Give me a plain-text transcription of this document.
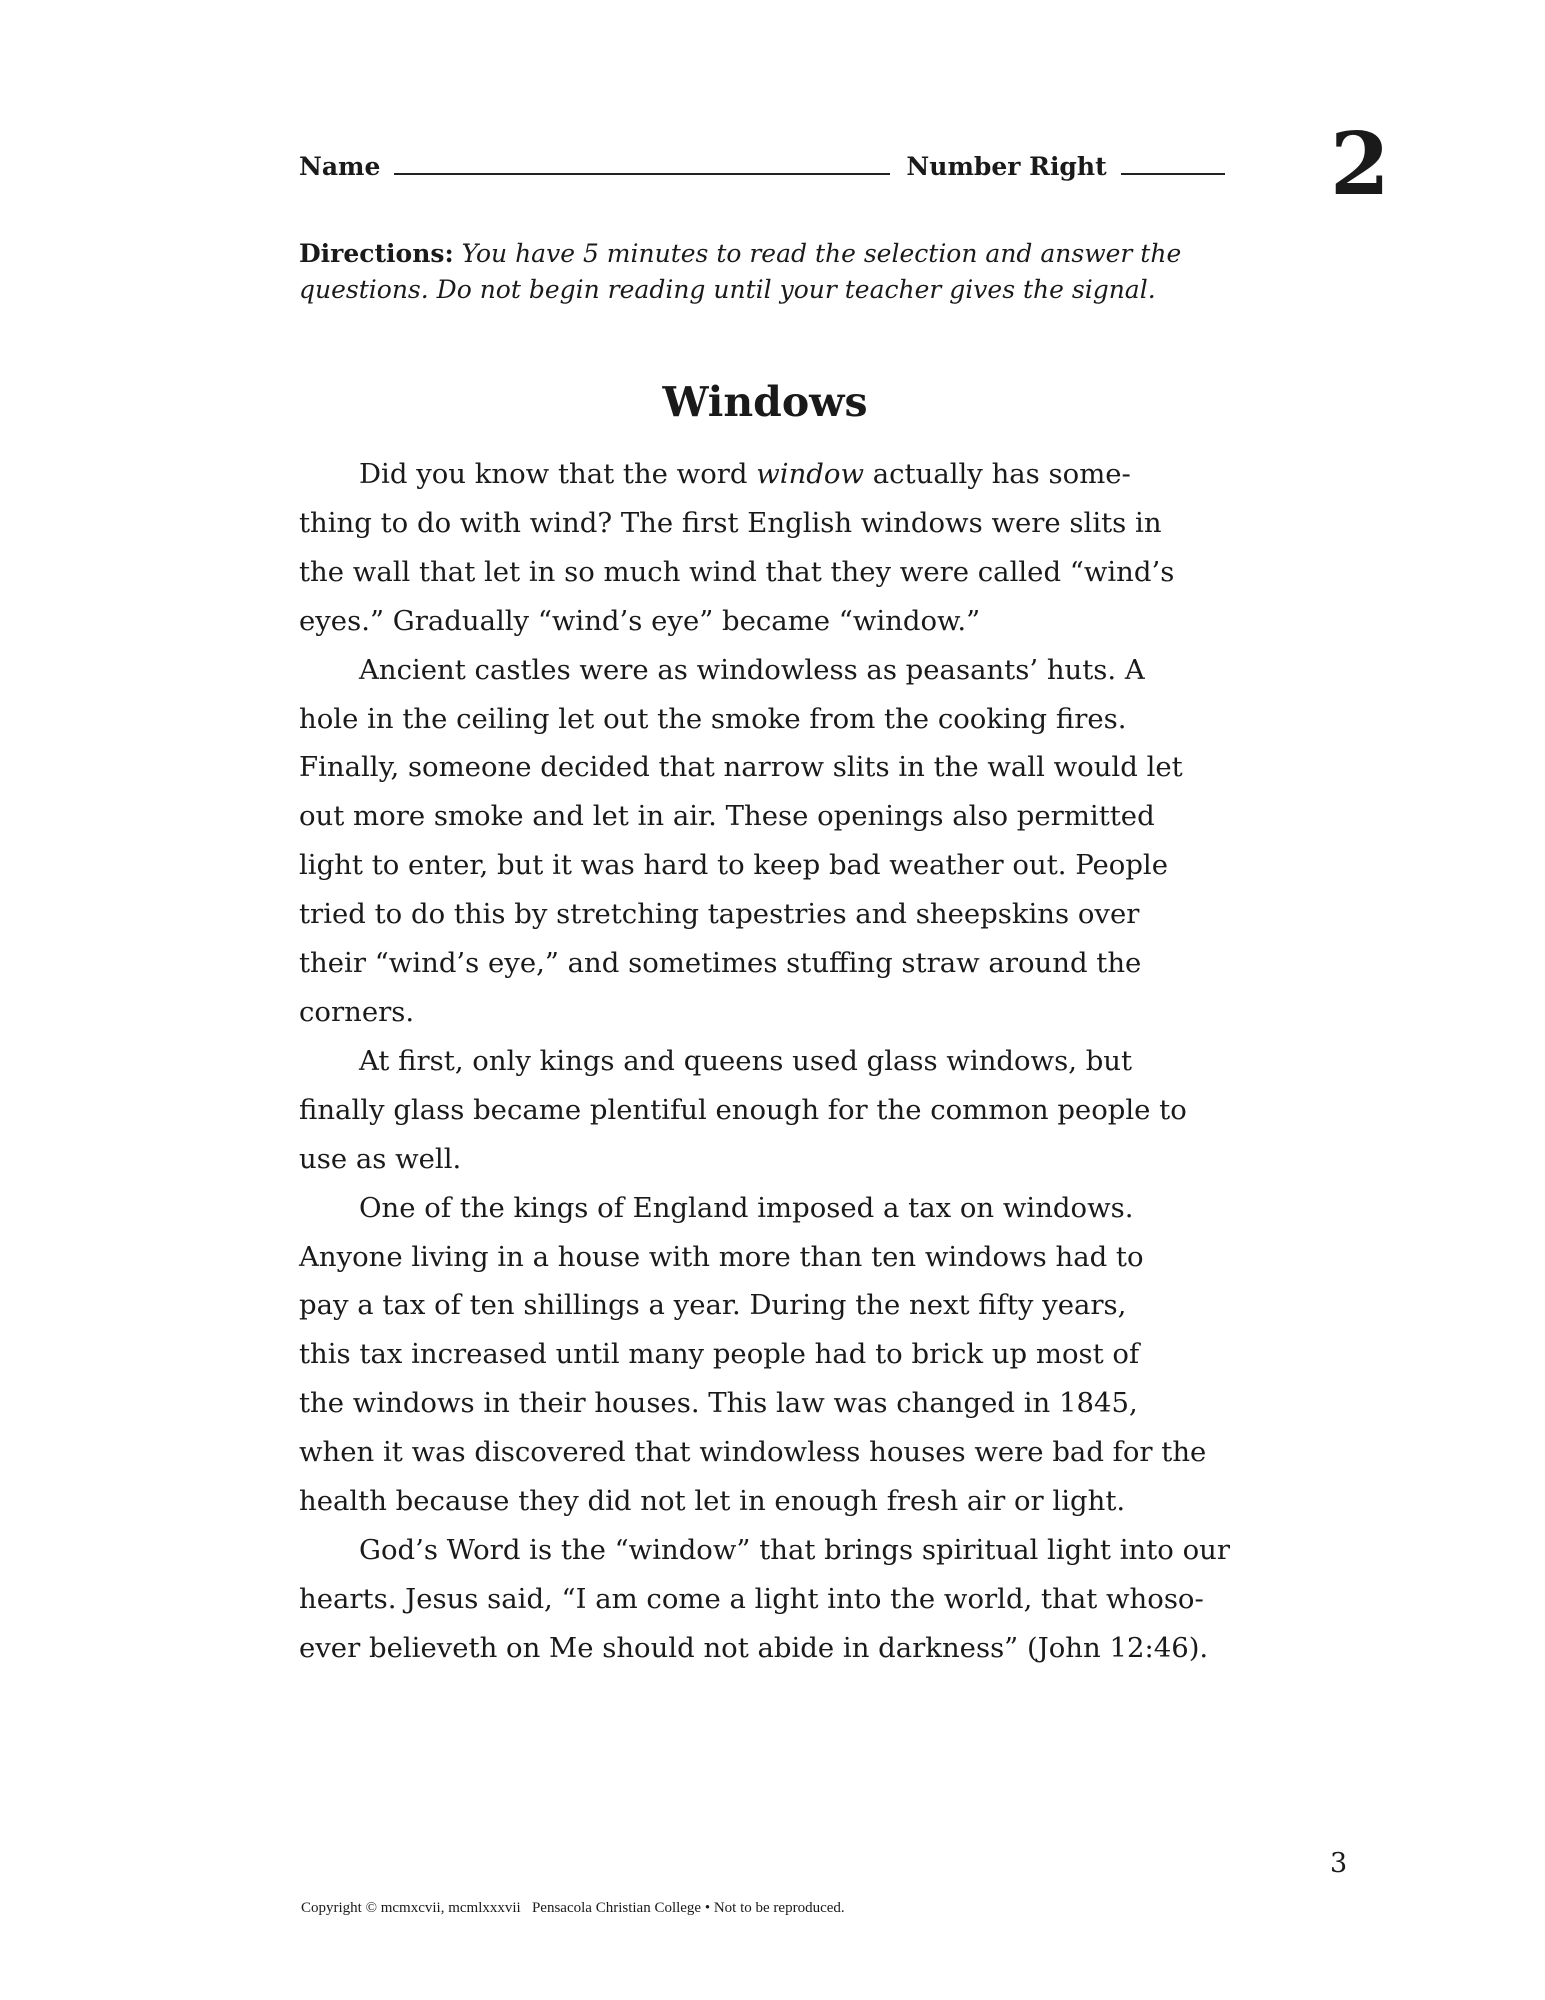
Name	Number Right	2
Directions: You have 5 minutes to read the selection and answer the
questions. Do not begin reading until your teacher gives the signal.
Windows
Did you know that the word window actually has some-
thing to do with wind? The first English windows were slits in
the wall that let in so much wind that they were called “wind’s
eyes.” Gradually “wind’s eye” became “window.”
Ancient castles were as windowless as peasants’ huts. A
hole in the ceiling let out the smoke from the cooking fires.
Finally, someone decided that narrow slits in the wall would let
out more smoke and let in air. These openings also permitted
light to enter, but it was hard to keep bad weather out. People
tried to do this by stretching tapestries and sheepskins over
their “wind’s eye,” and sometimes stuffing straw around the
corners.
At first, only kings and queens used glass windows, but
finally glass became plentiful enough for the common people to
use as well.
One of the kings of England imposed a tax on windows.
Anyone living in a house with more than ten windows had to
pay a tax of ten shillings a year. During the next fifty years,
this tax increased until many people had to brick up most of
the windows in their houses. This law was changed in 1845,
when it was discovered that windowless houses were bad for the
health because they did not let in enough fresh air or light.
God’s Word is the “window” that brings spiritual light into our
hearts. Jesus said, “I am come a light into the world, that whoso-
ever believeth on Me should not abide in darkness” (John 12:46).
3
Copyright © mcmxcvii, mcmlxxxvii   Pensacola Christian College • Not to be reproduced.
